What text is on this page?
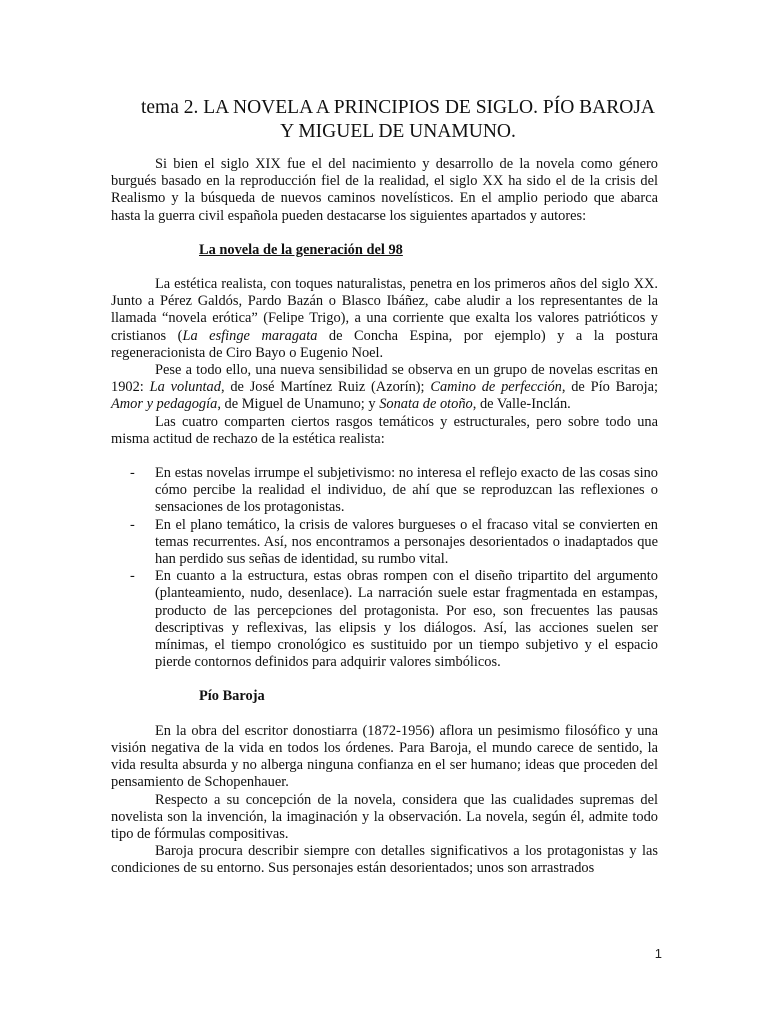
tema 2. LA NOVELA A PRINCIPIOS DE SIGLO. PÍO BAROJA Y MIGUEL DE UNAMUNO.

Si bien el siglo XIX fue el del nacimiento y desarrollo de la novela como género burgués basado en la reproducción fiel de la realidad, el siglo XX ha sido el de la crisis del Realismo y la búsqueda de nuevos caminos novelísticos. En el amplio periodo que abarca hasta la guerra civil española pueden destacarse los siguientes apartados y autores:

La novela de la generación del 98

La estética realista, con toques naturalistas, penetra en los primeros años del siglo XX. Junto a Pérez Galdós, Pardo Bazán o Blasco Ibáñez, cabe aludir a los representantes de la llamada “novela erótica” (Felipe Trigo), a una corriente que exalta los valores patrióticos y cristianos (La esfinge maragata de Concha Espina, por ejemplo) y a la postura regeneracionista de Ciro Bayo o Eugenio Noel.

Pese a todo ello, una nueva sensibilidad se observa en un grupo de novelas escritas en 1902: La voluntad, de José Martínez Ruiz (Azorín); Camino de perfección, de Pío Baroja; Amor y pedagogía, de Miguel de Unamuno; y Sonata de otoño, de Valle-Inclán.

Las cuatro comparten ciertos rasgos temáticos y estructurales, pero sobre todo una misma actitud de rechazo de la estética realista:

- En estas novelas irrumpe el subjetivismo: no interesa el reflejo exacto de las cosas sino cómo percibe la realidad el individuo, de ahí que se reproduzcan las reflexiones o sensaciones de los protagonistas.
- En el plano temático, la crisis de valores burgueses o el fracaso vital se convierten en temas recurrentes. Así, nos encontramos a personajes desorientados o inadaptados que han perdido sus señas de identidad, su rumbo vital.
- En cuanto a la estructura, estas obras rompen con el diseño tripartito del argumento (planteamiento, nudo, desenlace). La narración suele estar fragmentada en estampas, producto de las percepciones del protagonista. Por eso, son frecuentes las pausas descriptivas y reflexivas, las elipsis y los diálogos. Así, las acciones suelen ser mínimas, el tiempo cronológico es sustituido por un tiempo subjetivo y el espacio pierde contornos definidos para adquirir valores simbólicos.

Pío Baroja

En la obra del escritor donostiarra (1872-1956) aflora un pesimismo filosófico y una visión negativa de la vida en todos los órdenes. Para Baroja, el mundo carece de sentido, la vida resulta absurda y no alberga ninguna confianza en el ser humano; ideas que proceden del pensamiento de Schopenhauer.

Respecto a su concepción de la novela, considera que las cualidades supremas del novelista son la invención, la imaginación y la observación. La novela, según él, admite todo tipo de fórmulas compositivas.

Baroja procura describir siempre con detalles significativos a los protagonistas y las condiciones de su entorno. Sus personajes están desorientados; unos son arrastrados

1
